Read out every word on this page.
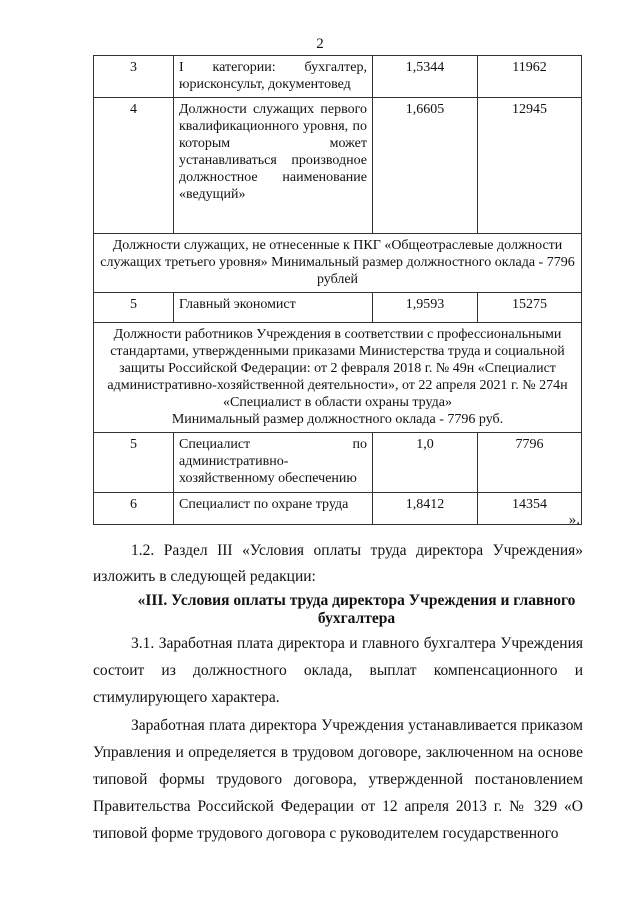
2
3	I категории: бухгалтер, юрисконсульт, документовед	1,5344	11962
4	Должности служащих первого квалификационного уровня, по которым может устанавливаться производное должностное наименование «ведущий»	1,6605	12945
Должности служащих, не отнесенные к ПКГ «Общеотраслевые должности служащих третьего уровня» Минимальный размер должностного оклада - 7796 рублей			
5	Главный экономист	1,9593	15275

Должности работников Учреждения в соответствии с профессиональными стандартами, утвержденными приказами Министерства труда и социальной защиты Российской Федерации: от 2 февраля 2018 г. № 49н «Специалист административно-хозяйственной деятельности», от 22 апреля 2021 г. № 274н «Специалист в области охраны труда»
Минимальный размер должностного оклада - 7796 руб.			

5	Специалист по административно-хозяйственному обеспечению	1,0	7796
6	Специалист по охране труда	1,8412	14354
».
1.2. Раздел III «Условия оплаты труда директора Учреждения» изложить в следующей редакции:
«III. Условия оплаты труда директора Учреждения и главного бухгалтера
3.1. Заработная плата директора и главного бухгалтера Учреждения состоит из должностного оклада, выплат компенсационного и стимулирующего характера.
Заработная плата директора Учреждения устанавливается приказом Управления и определяется в трудовом договоре, заключенном на основе типовой формы трудового договора, утвержденной постановлением Правительства Российской Федерации от 12 апреля 2013 г. № 329 «О типовой форме трудового договора с руководителем государственного
